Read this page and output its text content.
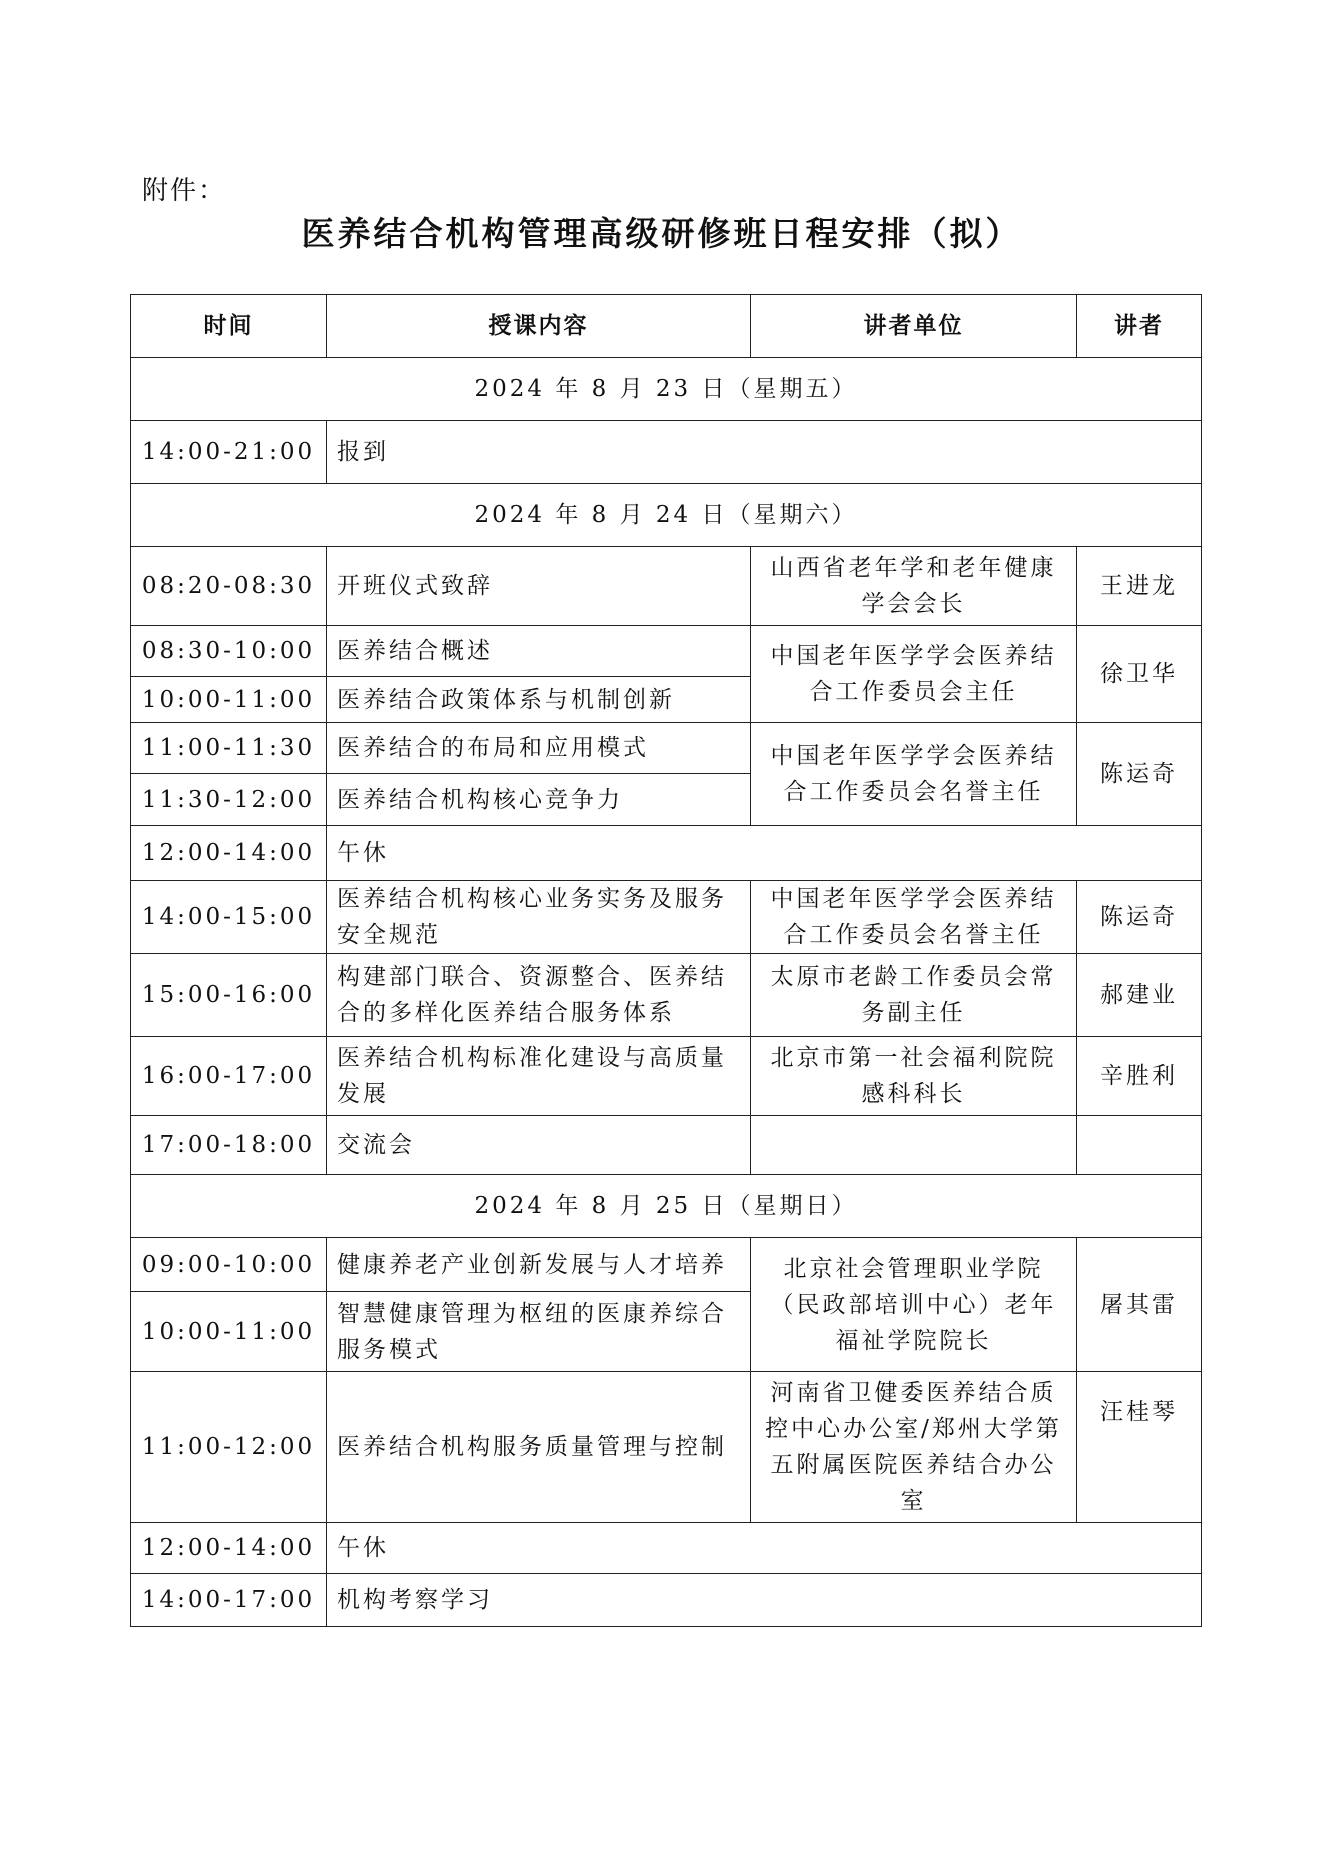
附件：
医养结合机构管理高级研修班日程安排（拟）
时间	授课内容	讲者单位	讲者
2024 年 8 月 23 日（星期五）			
14:00-21:00	报到		
2024 年 8 月 24 日（星期六）			
08:20-08:30	开班仪式致辞	山西省老年学和老年健康学会会长	王进龙
08:30-10:00	医养结合概述	中国老年医学学会医养结合工作委员会主任	徐卫华
10:00-11:00	医养结合政策体系与机制创新		
11:00-11:30	医养结合的布局和应用模式	中国老年医学学会医养结合工作委员会名誉主任	陈运奇
11:30-12:00	医养结合机构核心竞争力		
12:00-14:00	午休		
14:00-15:00	医养结合机构核心业务实务及服务安全规范	中国老年医学学会医养结合工作委员会名誉主任	陈运奇
15:00-16:00	构建部门联合、资源整合、医养结合的多样化医养结合服务体系	太原市老龄工作委员会常务副主任	郝建业
16:00-17:00	医养结合机构标准化建设与高质量发展	北京市第一社会福利院院感科科长	辛胜利
17:00-18:00	交流会		
2024 年 8 月 25 日（星期日）			
09:00-10:00	健康养老产业创新发展与人才培养	北京社会管理职业学院（民政部培训中心）老年福祉学院院长	屠其雷
10:00-11:00	智慧健康管理为枢纽的医康养综合服务模式		
11:00-12:00	医养结合机构服务质量管理与控制	河南省卫健委医养结合质控中心办公室/郑州大学第五附属医院医养结合办公室	汪桂琴
12:00-14:00	午休		
14:00-17:00	机构考察学习		
